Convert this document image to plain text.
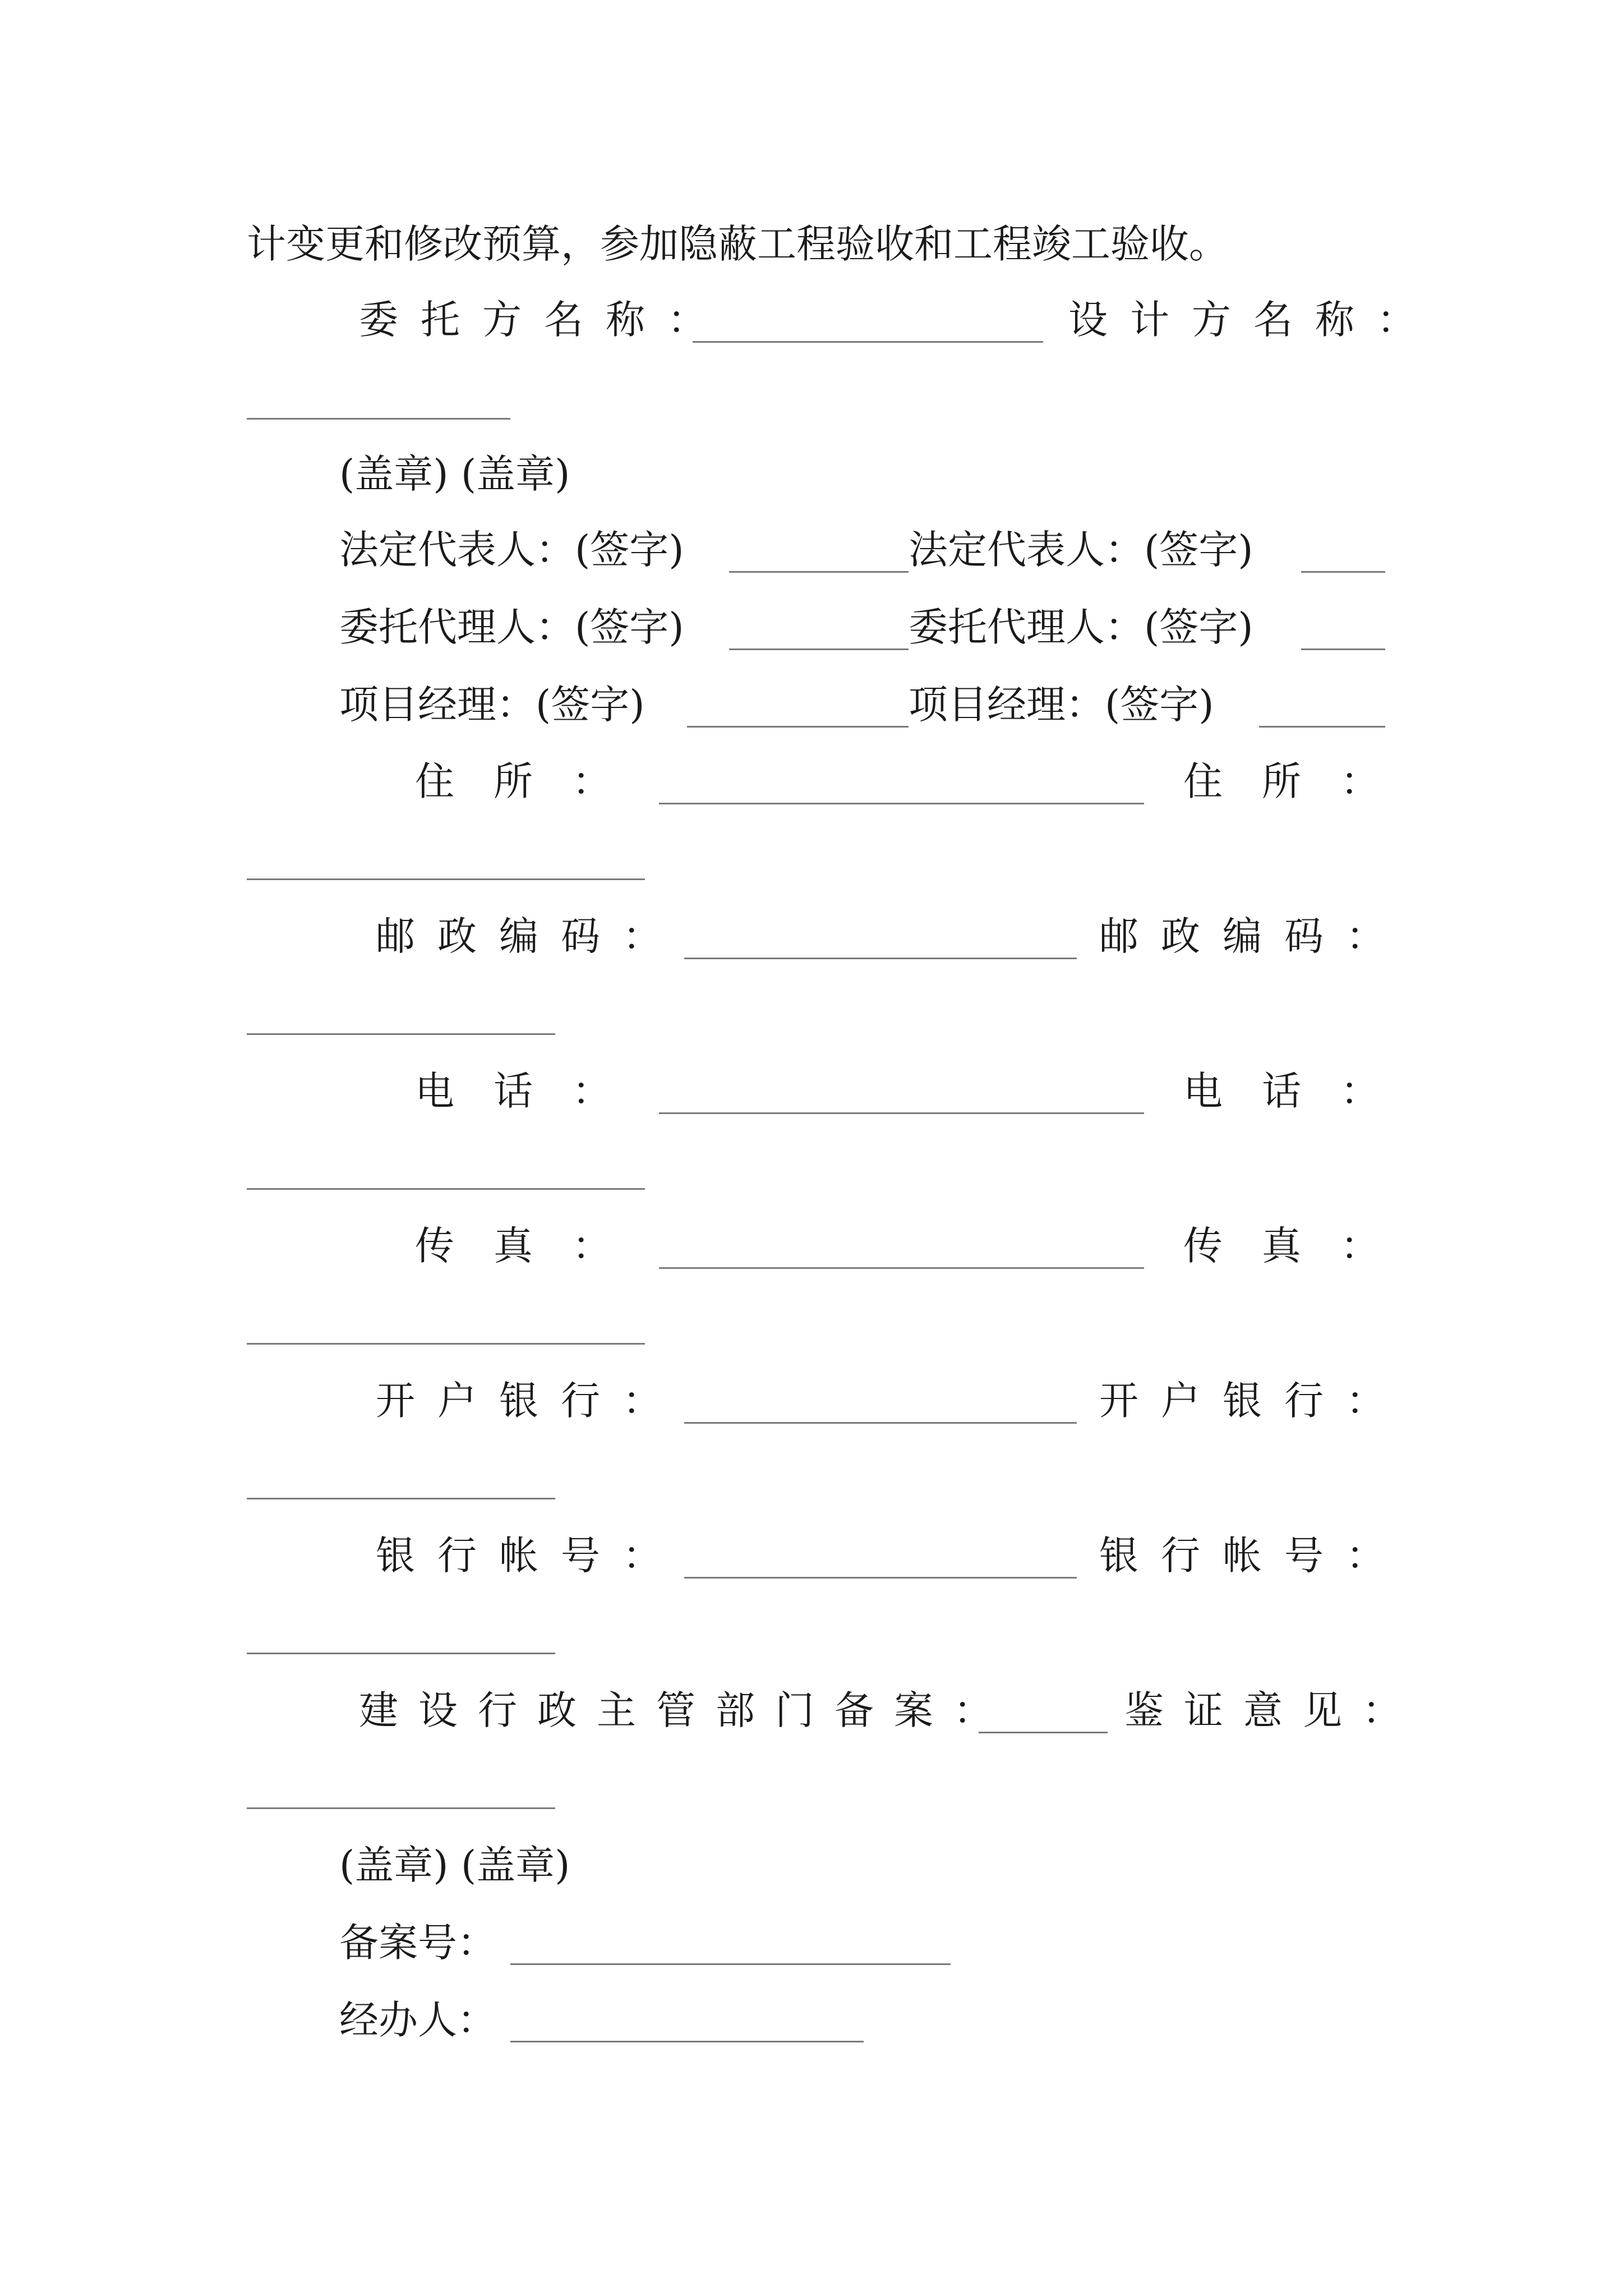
计变更和修改预算，参加隐蔽工程验收和工程竣工验收。
委托方名称：	设计方名称：
(盖章) (盖章)
法定代表人：(签字)	法定代表人：(签字)
委托代理人：(签字)	委托代理人：(签字)
项目经理：(签字)	项目经理：(签字)
住所：	住所：
邮政编码：	邮政编码：
电话：	电话：
传真：	传真：
开户银行：	开户银行：
银行帐号：	银行帐号：
建设行政主管部门备案：	鉴证意见：
(盖章) (盖章)
备案号：
经办人：
